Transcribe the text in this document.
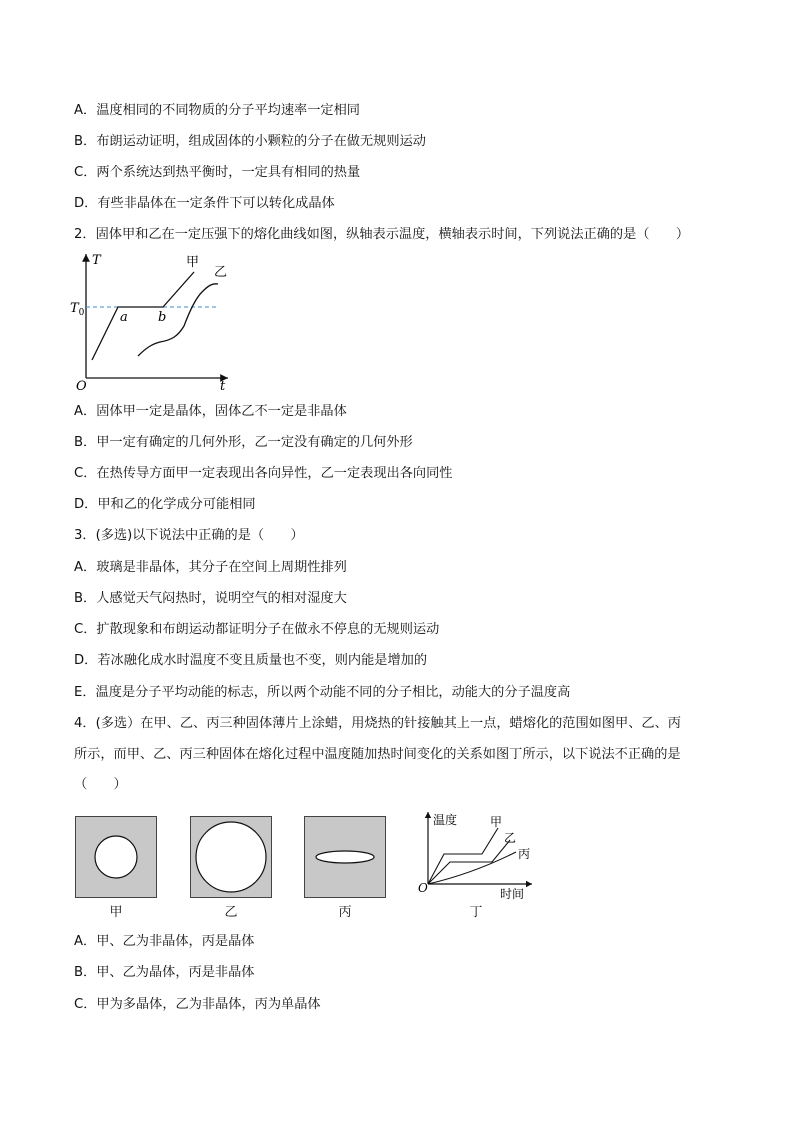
A．温度相同的不同物质的分子平均速率一定相同
B．布朗运动证明，组成固体的小颗粒的分子在做无规则运动
C．两个系统达到热平衡时，一定具有相同的热量
D．有些非晶体在一定条件下可以转化成晶体
2．固体甲和乙在一定压强下的熔化曲线如图，纵轴表示温度，横轴表示时间，下列说法正确的是（　　）
T
t
O
$T_0$	a b
甲
乙
A．固体甲一定是晶体，固体乙不一定是非晶体
B．甲一定有确定的几何外形，乙一定没有确定的几何外形
C．在热传导方面甲一定表现出各向异性，乙一定表现出各向同性
D．甲和乙的化学成分可能相同
3．(多选)以下说法中正确的是（　　）
A．玻璃是非晶体，其分子在空间上周期性排列
B．人感觉天气闷热时，说明空气的相对湿度大
C．扩散现象和布朗运动都证明分子在做永不停息的无规则运动
D．若冰融化成水时温度不变且质量也不变，则内能是增加的
E．温度是分子平均动能的标志，所以两个动能不同的分子相比，动能大的分子温度高
4．(多选）在甲、乙、丙三种固体薄片上涂蜡，用烧热的针接触其上一点，蜡熔化的范围如图甲、乙、丙
所示，而甲、乙、丙三种固体在熔化过程中温度随加热时间变化的关系如图丁所示，以下说法不正确的是
（　　）
甲	乙	丙
温度
时间
O
甲
乙
丙
丁
A．甲、乙为非晶体，丙是晶体
B．甲、乙为晶体，丙是非晶体
C．甲为多晶体，乙为非晶体，丙为单晶体
